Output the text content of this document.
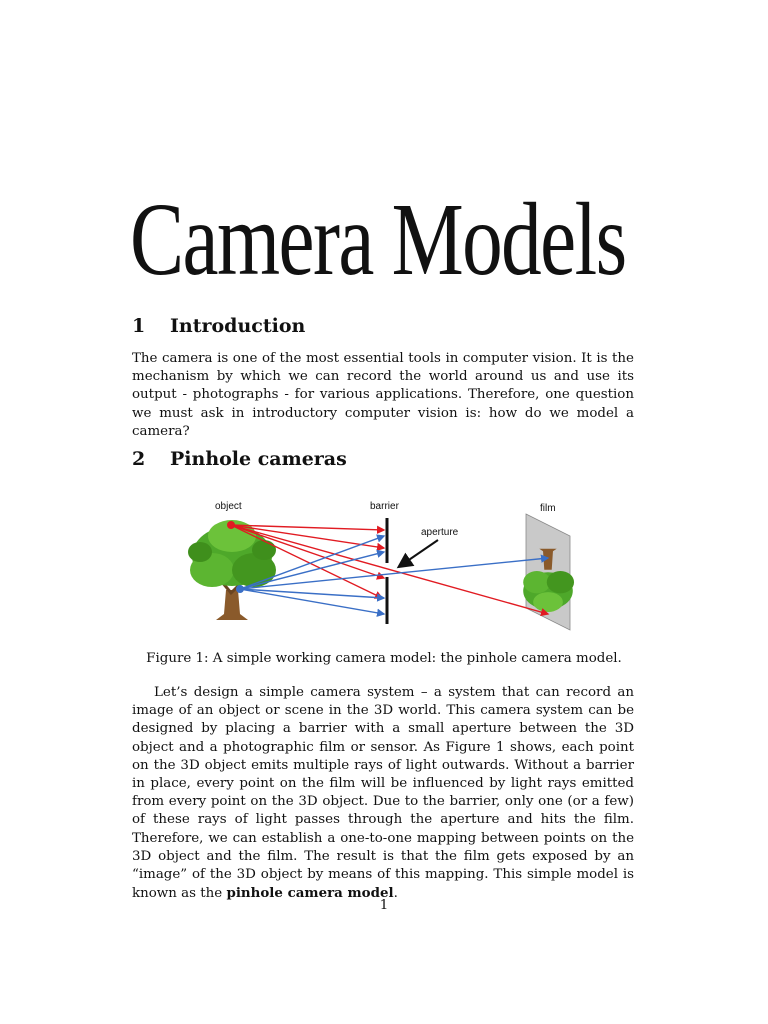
Camera Models
1 Introduction

The camera is one of the most essential tools in computer vision. It is the mechanism by which we can record the world around us and use its output - photographs - for various applications. Therefore, one question we must ask in introductory computer vision is: how do we model a camera?

2 Pinhole cameras
object	barrier
aperture
film

Figure 1: A simple working camera model: the pinhole camera model.

Let’s design a simple camera system – a system that can record an image of an object or scene in the 3D world. This camera system can be designed by placing a barrier with a small aperture between the 3D object and a photographic film or sensor. As Figure 1 shows, each point on the 3D object emits multiple rays of light outwards. Without a barrier in place, every point on the film will be influenced by light rays emitted from every point on the 3D object. Due to the barrier, only one (or a few) of these rays of light passes through the aperture and hits the film. Therefore, we can establish a one-to-one mapping between points on the 3D object and the film. The result is that the film gets exposed by an “image” of the 3D object by means of this mapping. This simple model is known as the pinhole camera model.

1
